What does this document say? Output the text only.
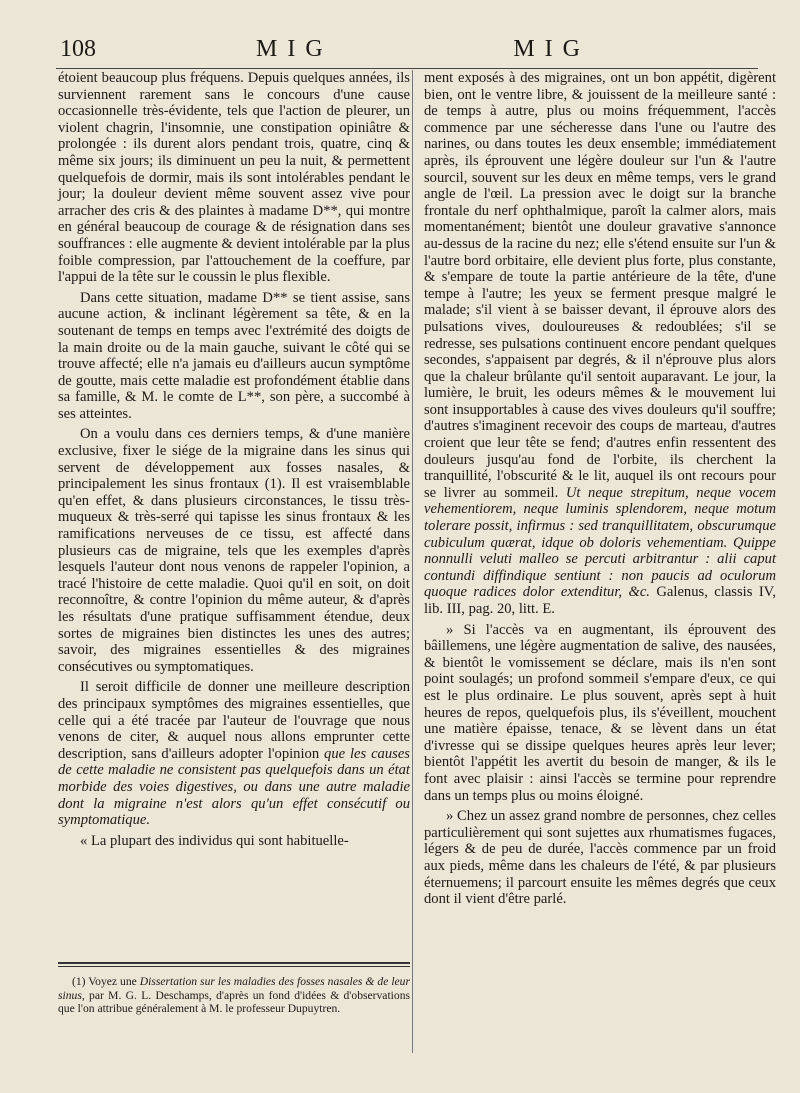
108	MIG	MIG

étoient beaucoup plus fréquens. Depuis quelques années, ils surviennent rarement sans le concours d'une cause occasionnelle très-évidente, tels que l'action de pleurer, un violent chagrin, l'insomnie, une constipation opiniâtre & prolongée : ils durent alors pendant trois, quatre, cinq & même six jours; ils diminuent un peu la nuit, & permettent quelquefois de dormir, mais ils sont intolérables pendant le jour; la douleur devient même souvent assez vive pour arracher des cris & des plaintes à madame D**, qui montre en général beaucoup de courage & de résignation dans ses souffrances : elle augmente & devient intolérable par la plus foible compression, par l'attouchement de la coeffure, par l'appui de la tête sur le coussin le plus flexible.

Dans cette situation, madame D** se tient assise, sans aucune action, & inclinant légèrement sa tête, & en la soutenant de temps en temps avec l'extrémité des doigts de la main droite ou de la main gauche, suivant le côté qui se trouve affecté; elle n'a jamais eu d'ailleurs aucun symptôme de goutte, mais cette maladie est profondément établie dans sa famille, & M. le comte de L**, son père, a succombé à ses atteintes.

On a voulu dans ces derniers temps, & d'une manière exclusive, fixer le siége de la migraine dans les sinus qui servent de développement aux fosses nasales, & principalement les sinus frontaux (1). Il est vraisemblable qu'en effet, & dans plusieurs circonstances, le tissu très-muqueux & très-serré qui tapisse les sinus frontaux & les ramifications nerveuses de ce tissu, est affecté dans plusieurs cas de migraine, tels que les exemples d'après lesquels l'auteur dont nous venons de rappeler l'opinion, a tracé l'histoire de cette maladie. Quoi qu'il en soit, on doit reconnoître, & contre l'opinion du même auteur, & d'après les résultats d'une pratique suffisamment étendue, deux sortes de migraines bien distinctes les unes des autres; savoir, des migraines essentielles & des migraines consécutives ou symptomatiques.

Il seroit difficile de donner une meilleure description des principaux symptômes des migraines essentielles, que celle qui a été tracée par l'auteur de l'ouvrage que nous venons de citer, & auquel nous allons emprunter cette description, sans d'ailleurs adopter l'opinion que les causes de cette maladie ne consistent pas quelquefois dans un état morbide des voies digestives, ou dans une autre maladie dont la migraine n'est alors qu'un effet consécutif ou symptomatique.

« La plupart des individus qui sont habituelle-

ment exposés à des migraines, ont un bon appétit, digèrent bien, ont le ventre libre, & jouissent de la meilleure santé : de temps à autre, plus ou moins fréquemment, l'accès commence par une sécheresse dans l'une ou l'autre des narines, ou dans toutes les deux ensemble; immédiatement après, ils éprouvent une légère douleur sur l'un & l'autre sourcil, souvent sur les deux en même temps, vers le grand angle de l'œil. La pression avec le doigt sur la branche frontale du nerf ophthalmique, paroît la calmer alors, mais momentanément; bientôt une douleur gravative s'annonce au-dessus de la racine du nez; elle s'étend ensuite sur l'un & l'autre bord orbitaire, elle devient plus forte, plus constante, & s'empare de toute la partie antérieure de la tête, d'une tempe à l'autre; les yeux se ferment presque malgré le malade; s'il vient à se baisser devant, il éprouve alors des pulsations vives, douloureuses & redoublées; s'il se redresse, ses pulsations continuent encore pendant quelques secondes, s'appaisent par degrés, & il n'éprouve plus alors que la chaleur brûlante qu'il sentoit auparavant. Le jour, la lumière, le bruit, les odeurs mêmes & le mouvement lui sont insupportables à cause des vives douleurs qu'il souffre; d'autres s'imaginent recevoir des coups de marteau, d'autres croient que leur tête se fend; d'autres enfin ressentent des douleurs jusqu'au fond de l'orbite, ils cherchent la tranquillité, l'obscurité & le lit, auquel ils ont recours pour se livrer au sommeil. Ut neque strepitum, neque vocem vehementiorem, neque luminis splendorem, neque motum tolerare possit, infirmus : sed tranquillitatem, obscurumque cubiculum quærat, idque ob doloris vehementiam. Quippe nonnulli veluti malleo se percuti arbitrantur : alii caput contundi diffindique sentiunt : non paucis ad oculorum quoque radices dolor extenditur, &c. Galenus, classis IV, lib. III, pag. 20, litt. E.

» Si l'accès va en augmentant, ils éprouvent des bâillemens, une légère augmentation de salive, des nausées, & bientôt le vomissement se déclare, mais ils n'en sont point soulagés; un profond sommeil s'empare d'eux, ce qui est le plus ordinaire. Le plus souvent, après sept à huit heures de repos, quelquefois plus, ils s'éveillent, mouchent une matière épaisse, tenace, & se lèvent dans un état d'ivresse qui se dissipe quelques heures après leur lever; bientôt l'appétit les avertit du besoin de manger, & ils le font avec plaisir : ainsi l'accès se termine pour reprendre dans un temps plus ou moins éloigné.

» Chez un assez grand nombre de personnes, chez celles particulièrement qui sont sujettes aux rhumatismes fugaces, légers & de peu de durée, l'accès commence par un froid aux pieds, même dans les chaleurs de l'été, & par plusieurs éternuemens; il parcourt ensuite les mêmes degrés que ceux dont il vient d'être parlé.

(1) Voyez une Dissertation sur les maladies des fosses nasales & de leur sinus, par M. G. L. Deschamps, d'après un fond d'idées & d'observations que l'on attribue généralement à M. le professeur Dupuytren.
